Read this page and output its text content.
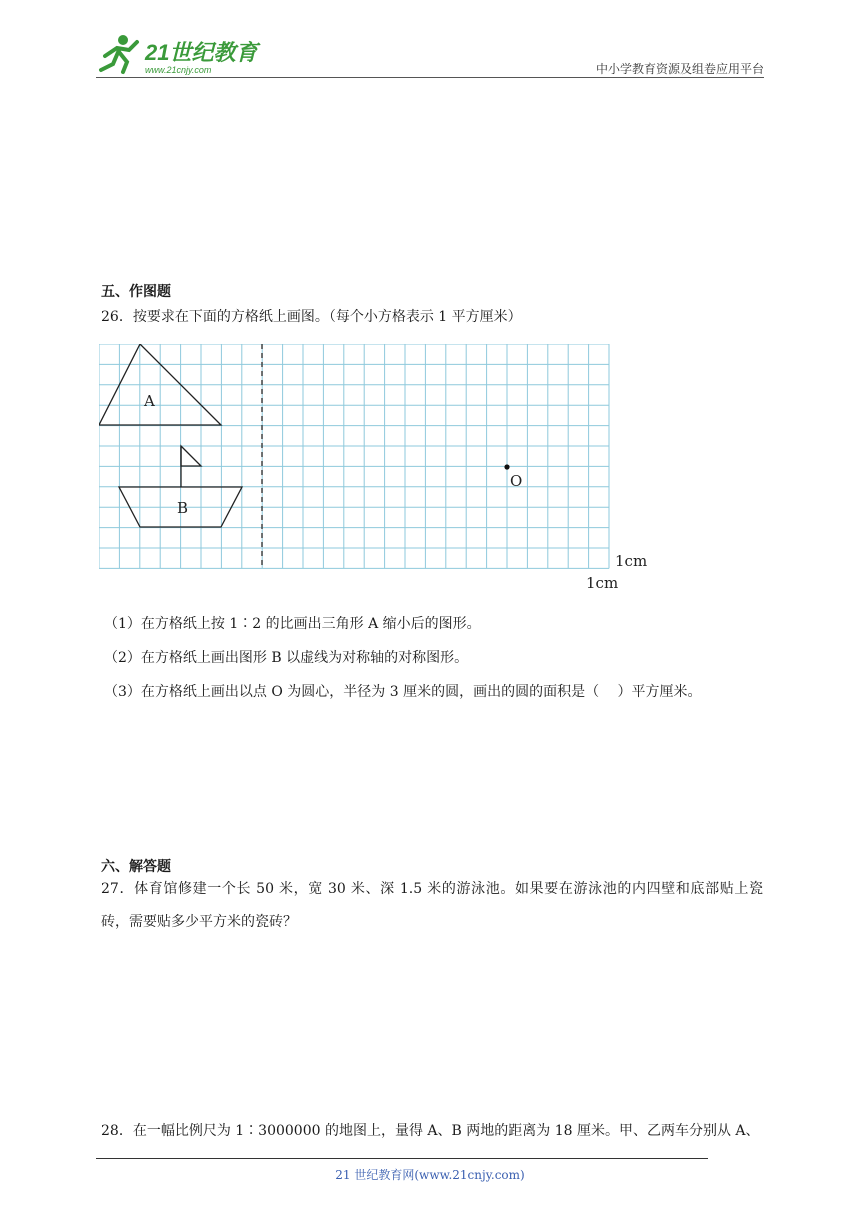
21世纪教育
www.21cnjy.com	中小学教育资源及组卷应用平台
五、作图题
26．按要求在下面的方格纸上画图。（每个小方格表示 1 平方厘米）
A
B
O
1cm
1cm
（1）在方格纸上按 1∶2 的比画出三角形 A 缩小后的图形。
（2）在方格纸上画出图形 B 以虚线为对称轴的对称图形。
（3）在方格纸上画出以点 O 为圆心，半径为 3 厘米的圆，画出的圆的面积是（　 ）平方厘米。
六、解答题
27．体育馆修建一个长 50 米，宽 30 米、深 1.5 米的游泳池。如果要在游泳池的内四壁和底部贴上瓷砖，需要贴多少平方米的瓷砖？
28．在一幅比例尺为 1∶3000000 的地图上，量得 A、B 两地的距离为 18 厘米。甲、乙两车分别从 A、
21 世纪教育网(www.21cnjy.com)
